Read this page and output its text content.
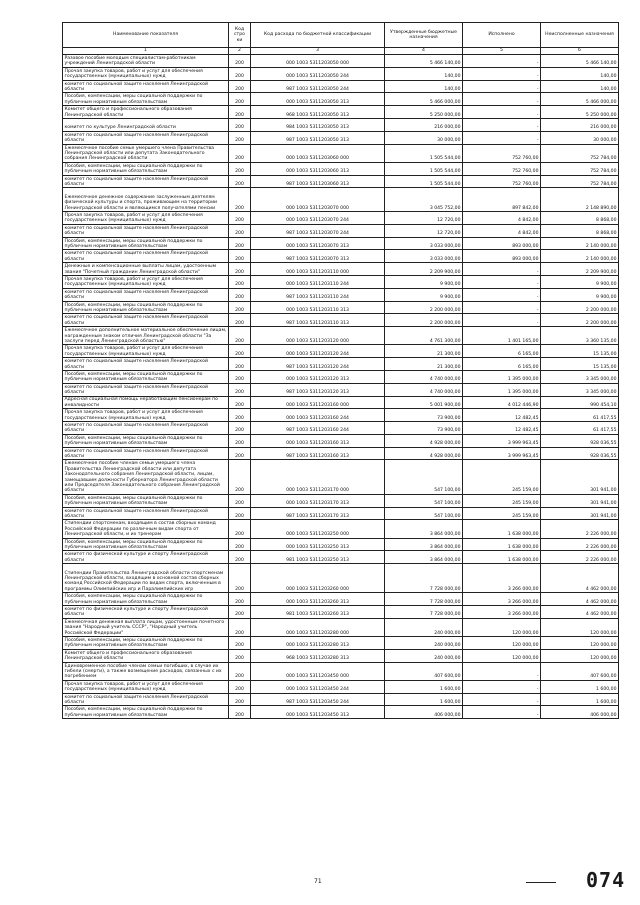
Наименование показателя	Код стро ки	Код расхода по бюджетной классификации	Утвержденные бюджетные назначения	Исполнено	Неисполненные назначения
1	2	3	4	5	6
Разовое пособие молодым специалистам-работникам учреждений Ленинградской области	200	000 1003 5311203050 000	5 466 140,00	-	5 466 140,00
Прочая закупка товаров, работ и услуг для обеспечения государственных (муниципальных) нужд	200	000 1003 5311203050 244	140,00	-	140,00
комитет по социальной защите населения Ленинградской области	200	987 1003 5311203050 244	140,00	-	140,00
Пособия, компенсации, меры социальной поддержки по публичным нормативным обязательствам	200	000 1003 5311203050 313	5 466 000,00	-	5 466 000,00
Комитет общего и профессионального образования Ленинградской области	200	968 1003 5311203050 313	5 250 000,00	-	5 250 000,00
комитет по культуре Ленинградской области	200	984 1003 5311203050 313	216 000,00	-	216 000,00
комитет по социальной защите населения Ленинградской области	200	987 1003 5311203050 313	30 000,00	-	30 000,00
Ежемесячное пособие семье умершего члена Правительства Ленинградской области или депутата Законодательного собрания Ленинградской области	200	000 1003 5311203060 000	1 505 544,00	752 760,00	752 784,00
Пособия, компенсации, меры социальной поддержки по публичным нормативным обязательствам	200	000 1003 5311203060 313	1 505 544,00	752 760,00	752 784,00
комитет по социальной защите населения Ленинградской области	200	987 1003 5311203060 313	1 505 544,00	752 760,00	752 784,00
Ежемесячное денежное содержание заслуженным деятелям физической культуры и спорта, проживающим на территории Ленинградской области и являющимся получателями пенсии	200	000 1003 5311203070 000	3 045 752,00	897 842,00	2 148 890,00
Прочая закупка товаров, работ и услуг для обеспечения государственных (муниципальных) нужд	200	000 1003 5311203070 244	12 720,00	4 842,00	8 868,00
комитет по социальной защите населения Ленинградской области	200	987 1003 5311203070 244	12 720,00	4 842,00	8 868,00
Пособия, компенсации, меры социальной поддержки по публичным нормативным обязательствам	200	000 1003 5311203070 313	3 033 000,00	893 000,00	2 140 000,00
комитет по социальной защите населения Ленинградской области	200	987 1003 5311203070 313	3 033 000,00	893 000,00	2 140 000,00
Денежные и компенсационные выплаты лицам, удостоенным звания "Почетный гражданин Ленинградской области"	200	000 1003 5311203110 000	2 209 900,00	-	2 209 900,00
Прочая закупка товаров, работ и услуг для обеспечения государственных (муниципальных) нужд	200	000 1003 5311203110 244	9 900,00	-	9 900,00
комитет по социальной защите населения Ленинградской области	200	987 1003 5311203110 244	9 900,00	-	9 900,00
Пособия, компенсации, меры социальной поддержки по публичным нормативным обязательствам	200	000 1003 5311203110 313	2 200 000,00	-	2 200 000,00
комитет по социальной защите населения Ленинградской области	200	987 1003 5311203110 313	2 200 000,00	-	2 200 000,00
Ежемесячное дополнительное материальное обеспечение лицам, награжденным знаком отличия Ленинградской области "За заслуги перед Ленинградской областью"	200	000 1003 5311203120 000	4 761 300,00	1 401 165,00	3 360 135,00
Прочая закупка товаров, работ и услуг для обеспечения государственных (муниципальных) нужд	200	000 1003 5311203120 244	21 300,00	6 165,00	15 135,00
комитет по социальной защите населения Ленинградской области	200	987 1003 5311203120 244	21 300,00	6 165,00	15 135,00
Пособия, компенсации, меры социальной поддержки по публичным нормативным обязательствам	200	000 1003 5311203120 313	4 740 000,00	1 395 000,00	3 345 000,00
комитет по социальной защите населения Ленинградской области	200	987 1003 5311203120 313	4 740 000,00	1 395 000,00	3 345 000,00
Адресная социальная помощь неработающим пенсионерам по инвалидности	200	000 1003 5311203160 000	5 001 900,00	4 012 446,90	990 454,10
Прочая закупка товаров, работ и услуг для обеспечения государственных (муниципальных) нужд	200	000 1003 5311203160 244	73 900,00	12 482,45	61 417,55
комитет по социальной защите населения Ленинградской области	200	987 1003 5311203160 244	73 900,00	12 482,45	61 417,55
Пособия, компенсации, меры социальной поддержки по публичным нормативным обязательствам	200	000 1003 5311203160 313	4 928 000,00	3 999 963,45	928 036,55
комитет по социальной защите населения Ленинградской области	200	987 1003 5311203160 313	4 928 000,00	3 999 963,45	928 036,55
Ежемесячное пособие членам семьи умершего члена Правительства Ленинградской области или депутата Законодательного собрания Ленинградской области, лицам, замещавшим должности Губернатора Ленинградской области или Председателя Законодательного собрания Ленинградской области	200	000 1003 5311203170 000	547 100,00	245 159,00	301 941,00
Пособия, компенсации, меры социальной поддержки по публичным нормативным обязательствам	200	000 1003 5311203170 313	547 100,00	245 159,00	301 941,00
комитет по социальной защите населения Ленинградской области	200	987 1003 5311203170 313	547 100,00	245 159,00	301 941,00
Стипендии спортсменам, входящим в состав сборных команд Российской Федерации по различным видам спорта от Ленинградской области, и их тренерам	200	000 1003 5311203250 000	3 864 000,00	1 638 000,00	2 226 000,00
Пособия, компенсации, меры социальной поддержки по публичным нормативным обязательствам	200	000 1003 5311203250 313	3 864 000,00	1 638 000,00	2 226 000,00
комитет по физической культуре и спорту Ленинградской области	200	981 1003 5311203250 313	3 864 000,00	1 638 000,00	2 226 000,00
Стипендии Правительства Ленинградской области спортсменам Ленинградской области, входящим в основной состав сборных команд Российской Федерации по видам спорта, включенным в программы Олимпийских игр и Паралимпийских игр	200	000 1003 5311203260 000	7 728 000,00	3 266 000,00	4 462 000,00
Пособия, компенсации, меры социальной поддержки по публичным нормативным обязательствам	200	000 1003 5311203260 313	7 728 000,00	3 266 000,00	4 462 000,00
комитет по физической культуре и спорту Ленинградской области	200	981 1003 5311203260 313	7 728 000,00	3 266 000,00	4 462 000,00
Ежемесячная денежная выплата лицам, удостоенным почетного звания "Народный учитель СССР", "Народный учитель Российской Федерации"	200	000 1003 5311203280 000	240 000,00	120 000,00	120 000,00
Пособия, компенсации, меры социальной поддержки по публичным нормативным обязательствам	200	000 1003 5311203280 313	240 000,00	120 000,00	120 000,00
Комитет общего и профессионального образования Ленинградской области	200	968 1003 5311203280 313	240 000,00	120 000,00	120 000,00
Единовременное пособие членам семьи погибших, в случае их гибели (смерти), а также возмещение расходов, связанных с их погребением	200	000 1003 5311203450 000	407 600,00	-	407 600,00
Прочая закупка товаров, работ и услуг для обеспечения государственных (муниципальных) нужд	200	000 1003 5311203450 244	1 600,00	-	1 600,00
комитет по социальной защите населения Ленинградской области	200	987 1003 5311203450 244	1 600,00	-	1 600,00
Пособия, компенсации, меры социальной поддержки по публичным нормативным обязательствам	200	000 1003 5311203450 313	406 000,00	-	406 000,00
71	074
